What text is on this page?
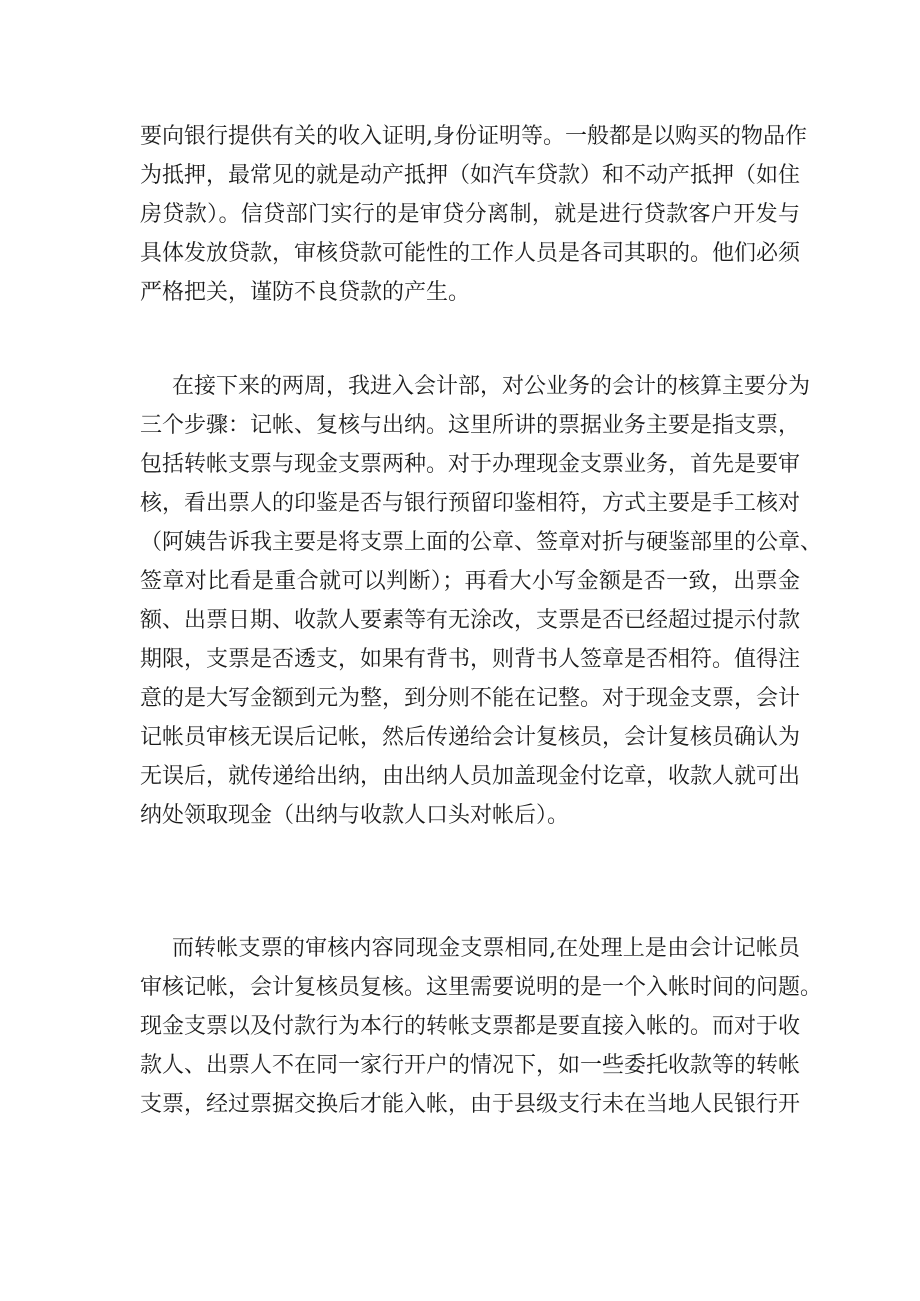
要向银行提供有关的收入证明,身份证明等。一般都是以购买的物品作
为抵押，最常见的就是动产抵押（如汽车贷款）和不动产抵押（如住
房贷款）。信贷部门实行的是审贷分离制，就是进行贷款客户开发与
具体发放贷款，审核贷款可能性的工作人员是各司其职的。他们必须
严格把关，谨防不良贷款的产生。
在接下来的两周，我进入会计部，对公业务的会计的核算主要分为
三个步骤：记帐、复核与出纳。这里所讲的票据业务主要是指支票，
包括转帐支票与现金支票两种。对于办理现金支票业务，首先是要审
核，看出票人的印鉴是否与银行预留印鉴相符，方式主要是手工核对
（阿姨告诉我主要是将支票上面的公章、签章对折与硬鉴部里的公章、
签章对比看是重合就可以判断）；再看大小写金额是否一致，出票金
额、出票日期、收款人要素等有无涂改，支票是否已经超过提示付款
期限，支票是否透支，如果有背书，则背书人签章是否相符。值得注
意的是大写金额到元为整，到分则不能在记整。对于现金支票，会计
记帐员审核无误后记帐，然后传递给会计复核员，会计复核员确认为
无误后，就传递给出纳，由出纳人员加盖现金付讫章，收款人就可出
纳处领取现金（出纳与收款人口头对帐后）。
而转帐支票的审核内容同现金支票相同,在处理上是由会计记帐员
审核记帐，会计复核员复核。这里需要说明的是一个入帐时间的问题。
现金支票以及付款行为本行的转帐支票都是要直接入帐的。而对于收
款人、出票人不在同一家行开户的情况下，如一些委托收款等的转帐
支票，经过票据交换后才能入帐，由于县级支行未在当地人民银行开
